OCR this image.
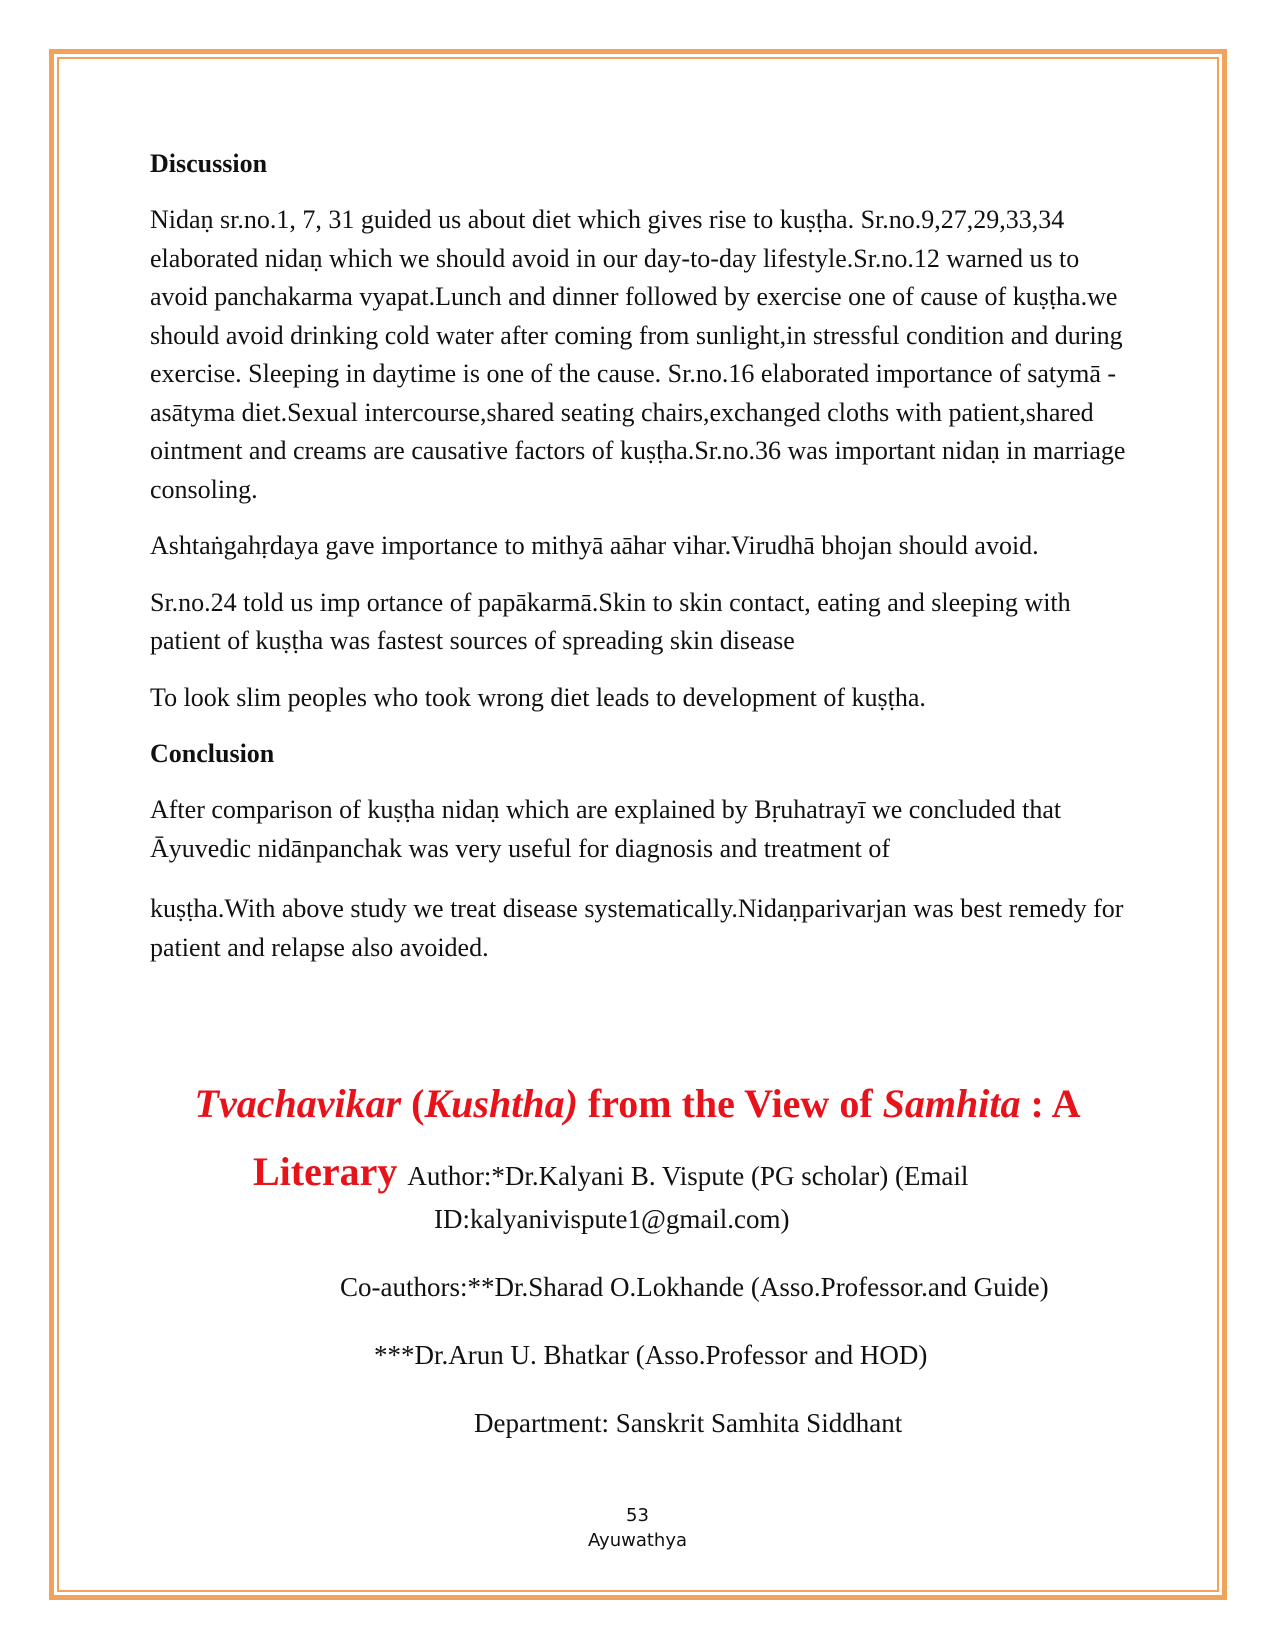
Discussion

Nidaṇ sr.no.1, 7, 31 guided us about diet which gives rise to kuṣṭha. Sr.no.9,27,29,33,34 elaborated nidaṇ which we should avoid in our day-to-day lifestyle.Sr.no.12 warned us to avoid panchakarma vyapat.Lunch and dinner followed by exercise one of cause of kuṣṭha.we should avoid drinking cold water after coming from sunlight,in stressful condition and during exercise. Sleeping in daytime is one of the cause. Sr.no.16 elaborated importance of satymā -asātyma diet.Sexual intercourse,shared seating chairs,exchanged cloths with patient,shared ointment and creams are causative factors of kuṣṭha.Sr.no.36 was important nidaṇ in marriage consoling.

Ashtaṅgahṛdaya gave importance to mithyā aāhar vihar.Virudhā bhojan should avoid.

Sr.no.24 told us imp ortance of papākarmā.Skin to skin contact, eating and sleeping with patient of kuṣṭha was fastest sources of spreading skin disease

To look slim peoples who took wrong diet leads to development of kuṣṭha.

Conclusion

After comparison of kuṣṭha nidaṇ which are explained by Bṛuhatrayī we concluded that Āyuvedic nidānpanchak was very useful for diagnosis and treatment of

kuṣṭha.With above study we treat disease systematically.Nidaṇparivarjan was best remedy for patient and relapse also avoided.

Tvachavikar (Kushtha) from the View of Samhita : A
Literary Author:*Dr.Kalyani B. Vispute (PG scholar) (Email
ID:kalyanivispute1@gmail.com)
Co-authors:**Dr.Sharad O.Lokhande (Asso.Professor.and Guide)
***Dr.Arun U. Bhatkar (Asso.Professor and HOD)
Department: Sanskrit Samhita Siddhant
53
Ayuwathya
